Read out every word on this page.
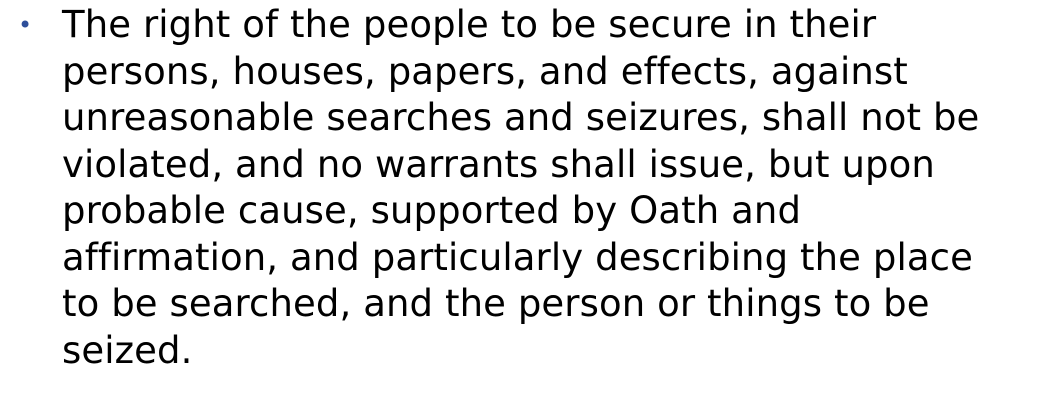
• The right of the people to be secure in their
persons, houses, papers, and effects, against
unreasonable searches and seizures, shall not be
violated, and no warrants shall issue, but upon
probable cause, supported by Oath and
affirmation, and particularly describing the place
to be searched, and the person or things to be
seized.
